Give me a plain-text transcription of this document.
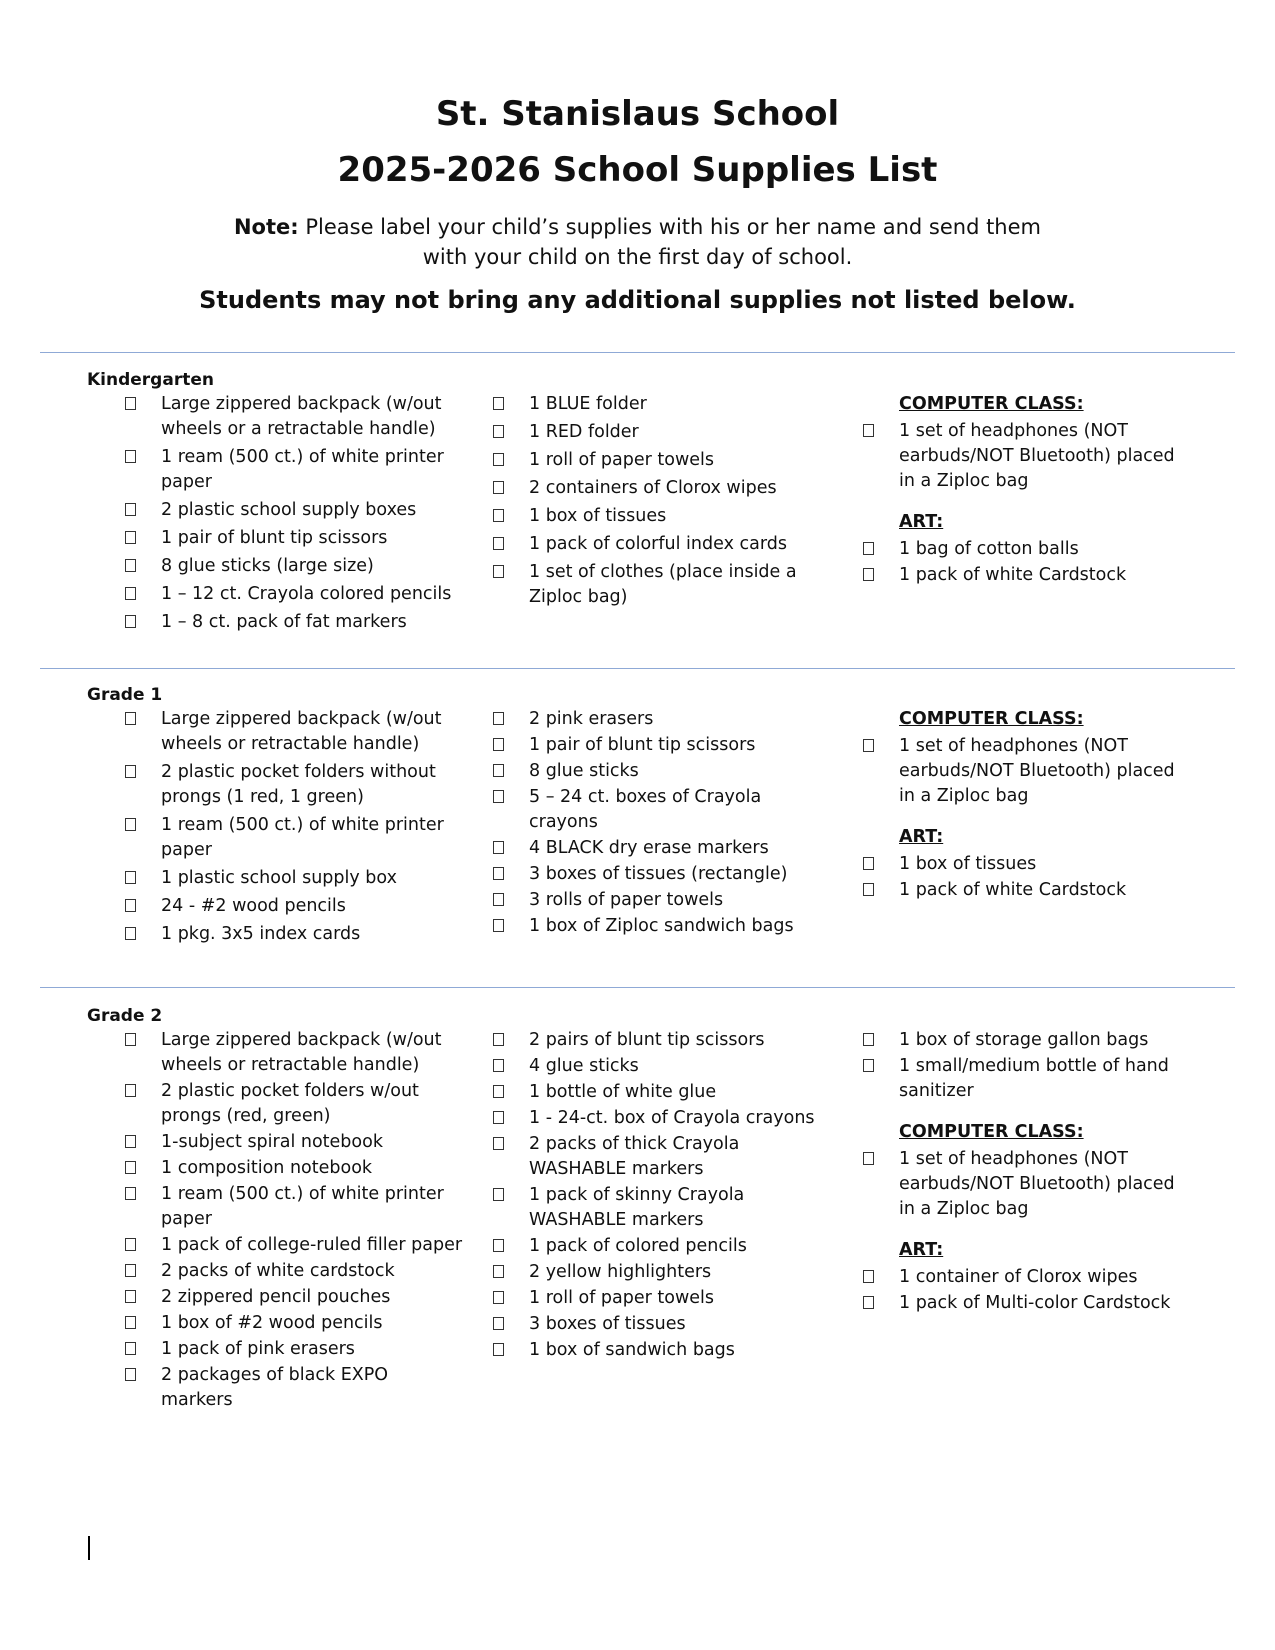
St. Stanislaus School

2025-2026 School Supplies List

Note: Please label your child’s supplies with his or her name and send them
with your child on the first day of school.
Students may not bring any additional supplies not listed below.
Kindergarten
Large zippered backpack (w/out wheels or a retractable handle)
1 ream (500 ct.) of white printer paper
2 plastic school supply boxes
1 pair of blunt tip scissors
8 glue sticks (large size)
1 – 12 ct. Crayola colored pencils
1 – 8 ct. pack of fat markers
1 BLUE folder
1 RED folder
1 roll of paper towels
2 containers of Clorox wipes
1 box of tissues
1 pack of colorful index cards
1 set of clothes (place inside a Ziploc bag)

COMPUTER CLASS:

1 set of headphones (NOT earbuds/NOT Bluetooth) placed in a Ziploc bag

ART:

1 bag of cotton balls
1 pack of white Cardstock
Grade 1
Large zippered backpack (w/out wheels or retractable handle)
2 plastic pocket folders without prongs (1 red, 1 green)
1 ream (500 ct.) of white printer paper
1 plastic school supply box
24 - #2 wood pencils
1 pkg. 3x5 index cards
2 pink erasers
1 pair of blunt tip scissors
8 glue sticks
5 – 24 ct. boxes of Crayola crayons
4 BLACK dry erase markers
3 boxes of tissues (rectangle)
3 rolls of paper towels
1 box of Ziploc sandwich bags

COMPUTER CLASS:

1 set of headphones (NOT earbuds/NOT Bluetooth) placed in a Ziploc bag

ART:

1 box of tissues
1 pack of white Cardstock
Grade 2
Large zippered backpack (w/out wheels or retractable handle)
2 plastic pocket folders w/out prongs (red, green)
1-subject spiral notebook
1 composition notebook
1 ream (500 ct.) of white printer paper
1 pack of college-ruled filler paper
2 packs of white cardstock
2 zippered pencil pouches
1 box of #2 wood pencils
1 pack of pink erasers
2 packages of black EXPO markers
2 pairs of blunt tip scissors
4 glue sticks
1 bottle of white glue
1 - 24-ct. box of Crayola crayons
2 packs of thick Crayola WASHABLE markers
1 pack of skinny Crayola WASHABLE markers
1 pack of colored pencils
2 yellow highlighters
1 roll of paper towels
3 boxes of tissues
1 box of sandwich bags
1 box of storage gallon bags
1 small/medium bottle of hand sanitizer

COMPUTER CLASS:

1 set of headphones (NOT earbuds/NOT Bluetooth) placed in a Ziploc bag

ART:

1 container of Clorox wipes
1 pack of Multi-color Cardstock
